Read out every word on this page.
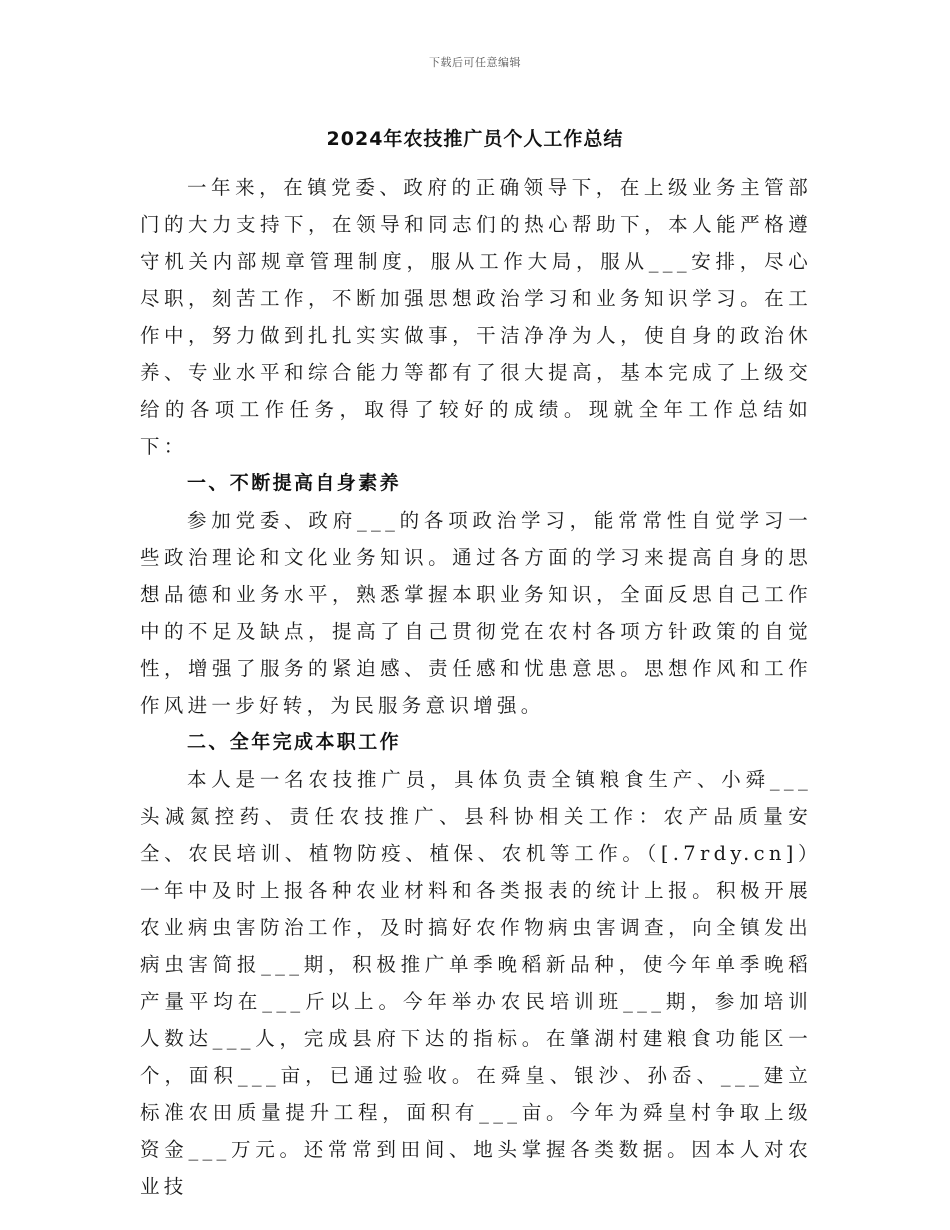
下载后可任意编辑
2024年农技推广员个人工作总结

一年来，在镇党委、政府的正确领导下，在上级业务主管部门的大力支持下，在领导和同志们的热心帮助下，本人能严格遵守机关内部规章管理制度，服从工作大局，服从___安排，尽心尽职，刻苦工作，不断加强思想政治学习和业务知识学习。在工作中，努力做到扎扎实实做事，干洁净净为人，使自身的政治休养、专业水平和综合能力等都有了很大提高，基本完成了上级交给的各项工作任务，取得了较好的成绩。现就全年工作总结如下：

一、不断提高自身素养

参加党委、政府___的各项政治学习，能常常性自觉学习一些政治理论和文化业务知识。通过各方面的学习来提高自身的思想品德和业务水平，熟悉掌握本职业务知识，全面反思自己工作中的不足及缺点，提高了自己贯彻党在农村各项方针政策的自觉性，增强了服务的紧迫感、责任感和忧患意思。思想作风和工作作风进一步好转，为民服务意识增强。

二、全年完成本职工作

本人是一名农技推广员，具体负责全镇粮食生产、小舜___头减氮控药、责任农技推广、县科协相关工作：农产品质量安全、农民培训、植物防疫、植保、农机等工作。（[.7rdy.cn]）一年中及时上报各种农业材料和各类报表的统计上报。积极开展农业病虫害防治工作，及时搞好农作物病虫害调查，向全镇发出病虫害简报___期，积极推广单季晚稻新品种，使今年单季晚稻产量平均在___斤以上。今年举办农民培训班___期，参加培训人数达___人，完成县府下达的指标。在肇湖村建粮食功能区一个，面积___亩，已通过验收。在舜皇、银沙、孙岙、___建立标准农田质量提升工程，面积有___亩。今年为舜皇村争取上级资金___万元。还常常到田间、地头掌握各类数据。因本人对农业技
